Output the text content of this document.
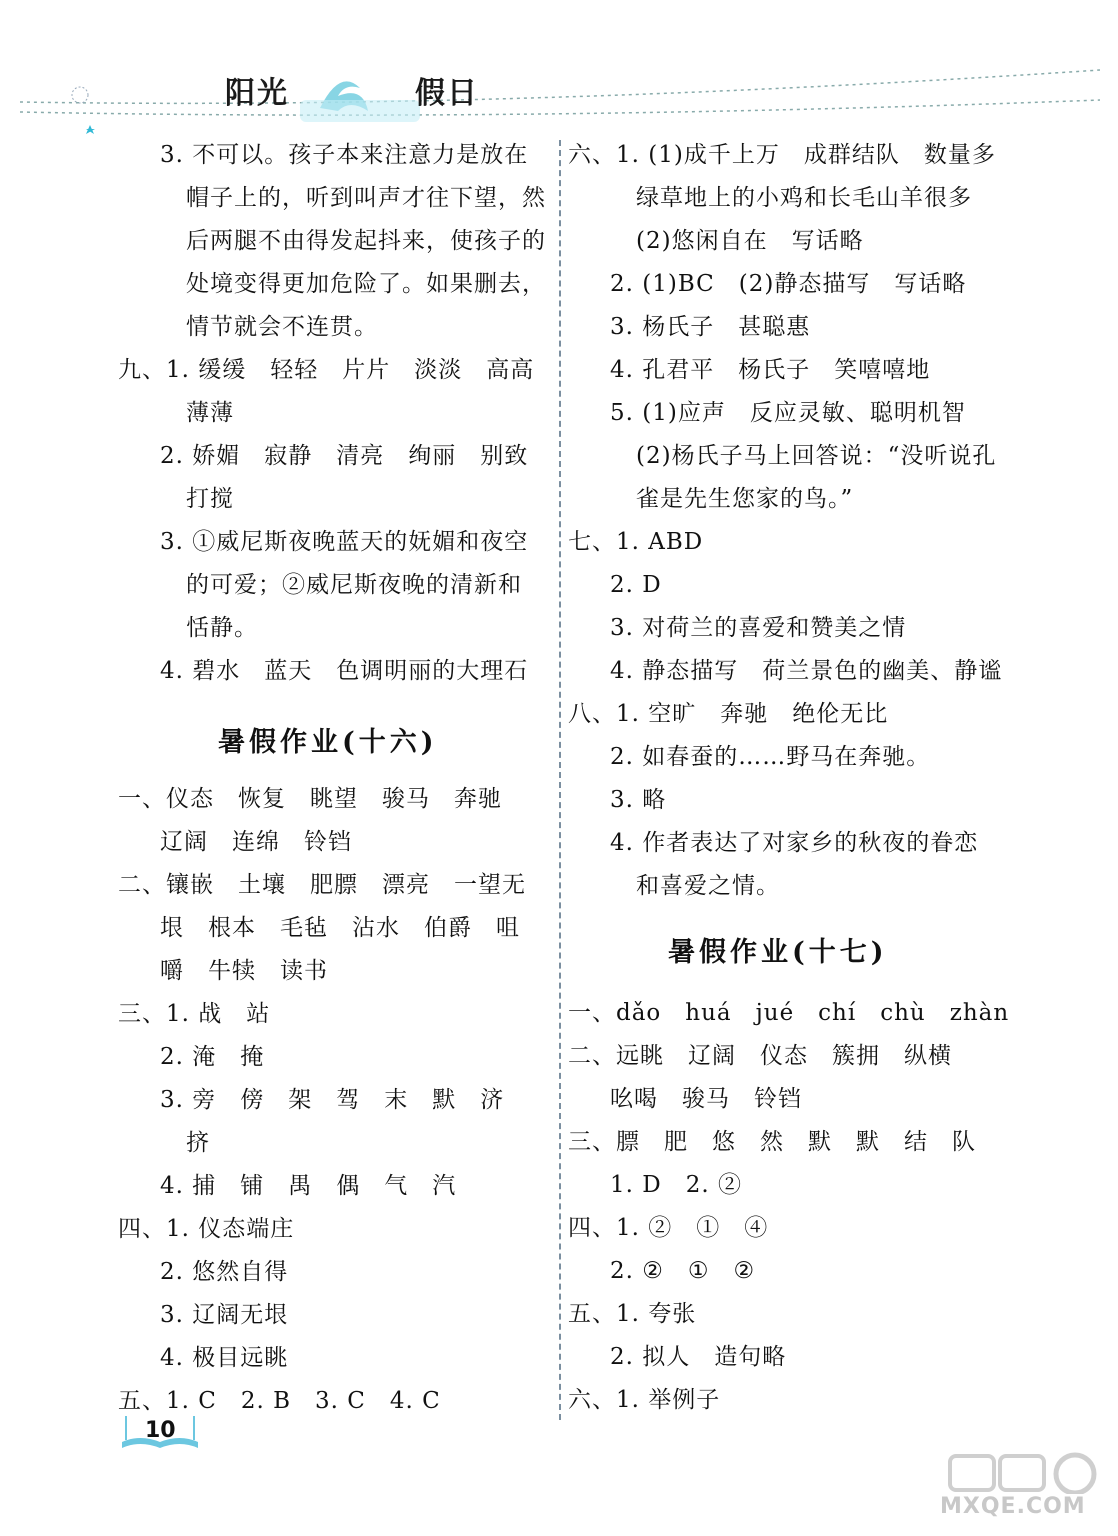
阳光	假日
暑假作业(十六)
3. 不可以。孩子本来注意力是放在
帽子上的，听到叫声才往下望，然
后两腿不由得发起抖来，使孩子的
处境变得更加危险了。如果删去，
情节就会不连贯。
九、1. 缓缓　轻轻　片片　淡淡　高高
薄薄
2. 娇媚　寂静　清亮　绚丽　别致
打搅
3. ①威尼斯夜晚蓝天的妩媚和夜空
的可爱；②威尼斯夜晚的清新和
恬静。
4. 碧水　蓝天　色调明丽的大理石
一、仪态　恢复　眺望　骏马　奔驰
辽阔　连绵　铃铛
二、镶嵌　土壤　肥膘　漂亮　一望无
垠　根本　毛毡　沾水　伯爵　咀
嚼　牛犊　读书
三、1. 战　站
2. 淹　掩
3. 旁　傍　架　驾　末　默　济
挤
4. 捕　铺　禺　偶　气　汽
四、1. 仪态端庄
2. 悠然自得
3. 辽阔无垠
4. 极目远眺
五、1. C　2. B　3. C　4. C
暑假作业(十七)
六、1. (1)成千上万　成群结队　数量多
绿草地上的小鸡和长毛山羊很多
(2)悠闲自在　写话略
2. (1)BC　(2)静态描写　写话略
3. 杨氏子　甚聪惠
4. 孔君平　杨氏子　笑嘻嘻地
5. (1)应声　反应灵敏、聪明机智
(2)杨氏子马上回答说：“没听说孔
雀是先生您家的鸟。”
七、1. ABD
2. D
3. 对荷兰的喜爱和赞美之情
4. 静态描写　荷兰景色的幽美、静谧
八、1. 空旷　奔驰　绝伦无比
2. 如春蚕的……野马在奔驰。
3. 略
4. 作者表达了对家乡的秋夜的眷恋
和喜爱之情。
一、dǎo　huá　jué　chí　chù　zhàn
二、远眺　辽阔　仪态　簇拥　纵横
吆喝　骏马　铃铛
三、膘　肥　悠　然　默　默　结　队
1. D　2. ②
四、1. ②　①　④
2. ②　①　②
五、1. 夸张
2. 拟人　造句略
六、1. 举例子
10
MXQE.COM
